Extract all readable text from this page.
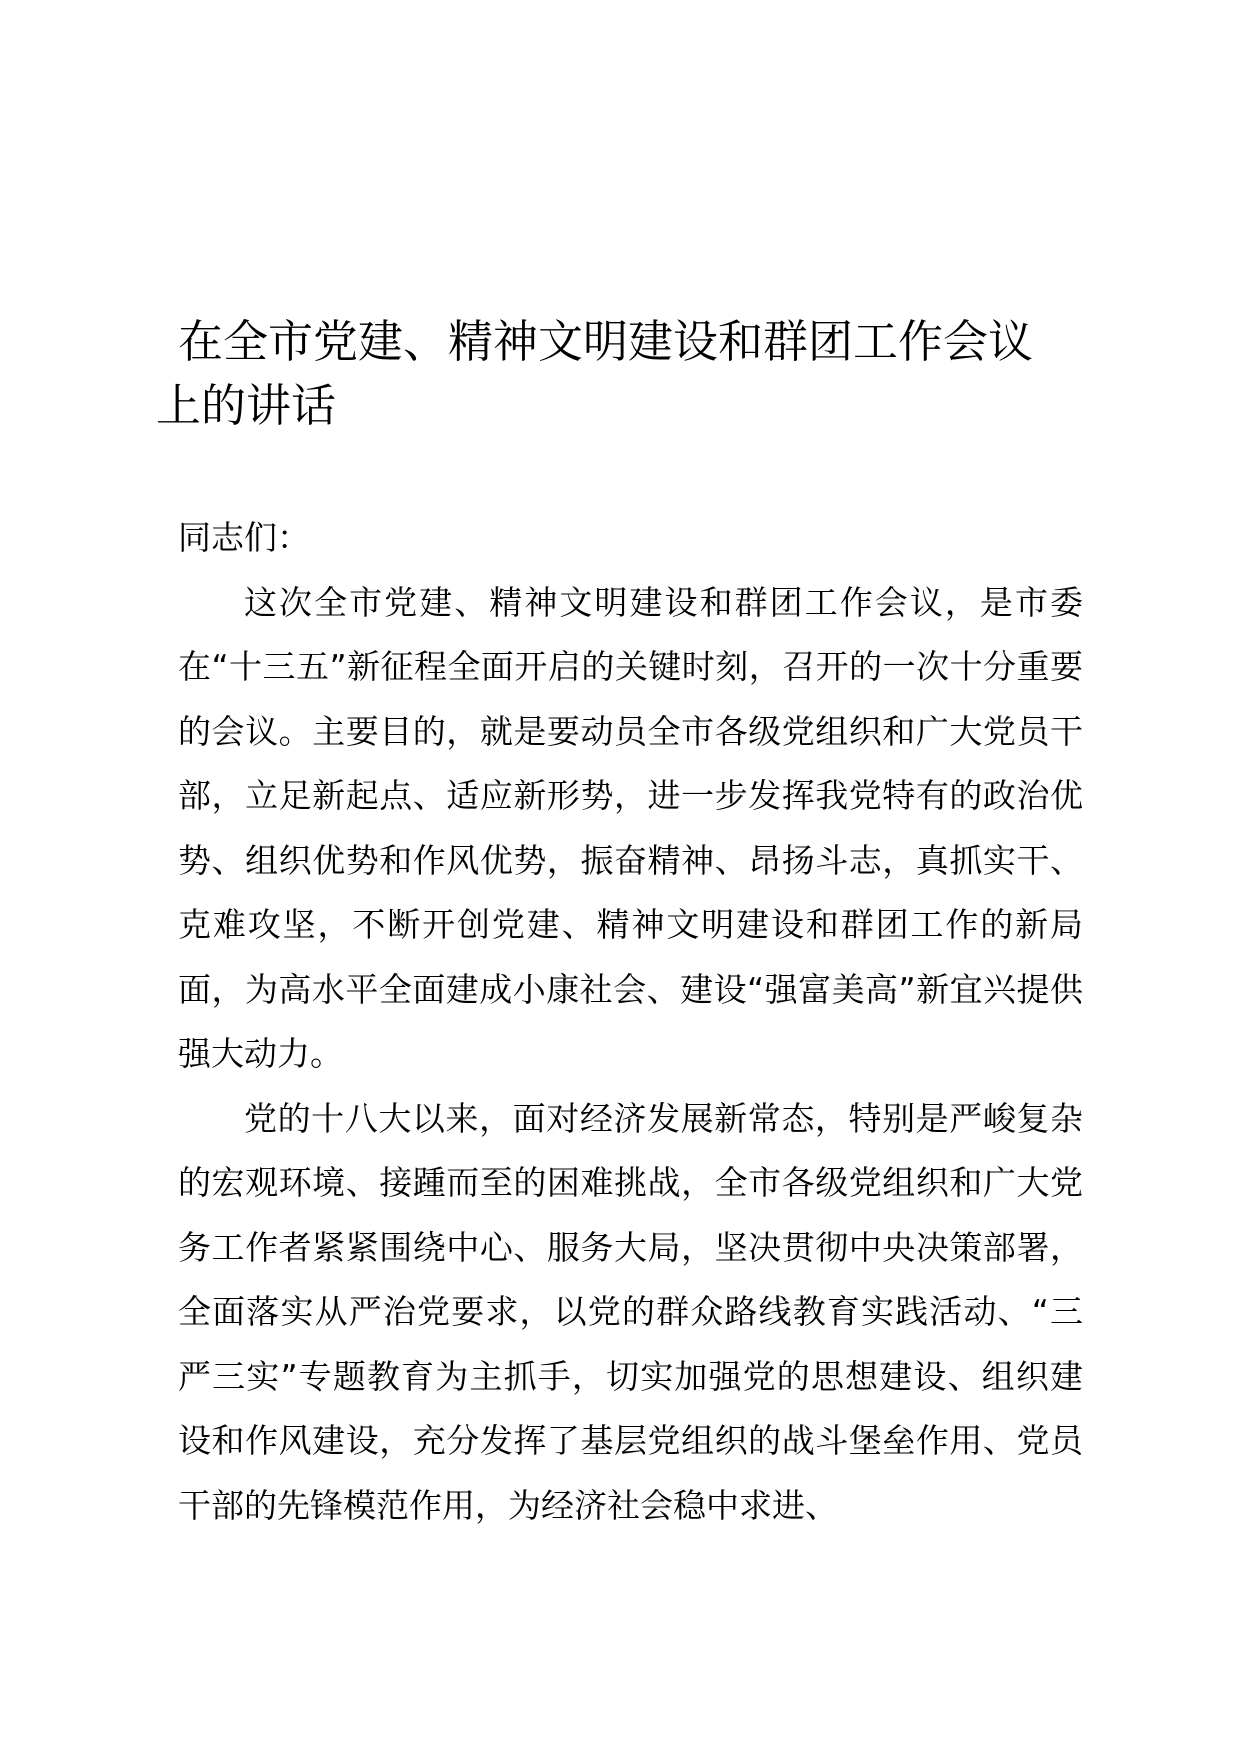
在全市党建、精神文明建设和群团工作会议上的讲话

同志们：

这次全市党建、精神文明建设和群团工作会议，是市委在“十三五”新征程全面开启的关键时刻，召开的一次十分重要的会议。主要目的，就是要动员全市各级党组织和广大党员干部，立足新起点、适应新形势，进一步发挥我党特有的政治优势、组织优势和作风优势，振奋精神、昂扬斗志，真抓实干、克难攻坚，不断开创党建、精神文明建设和群团工作的新局面，为高水平全面建成小康社会、建设“强富美高”新宜兴提供强大动力。

党的十八大以来，面对经济发展新常态，特别是严峻复杂的宏观环境、接踵而至的困难挑战，全市各级党组织和广大党务工作者紧紧围绕中心、服务大局，坚决贯彻中央决策部署，全面落实从严治党要求，以党的群众路线教育实践活动、“三严三实”专题教育为主抓手，切实加强党的思想建设、组织建设和作风建设，充分发挥了基层党组织的战斗堡垒作用、党员干部的先锋模范作用，为经济社会稳中求进、
